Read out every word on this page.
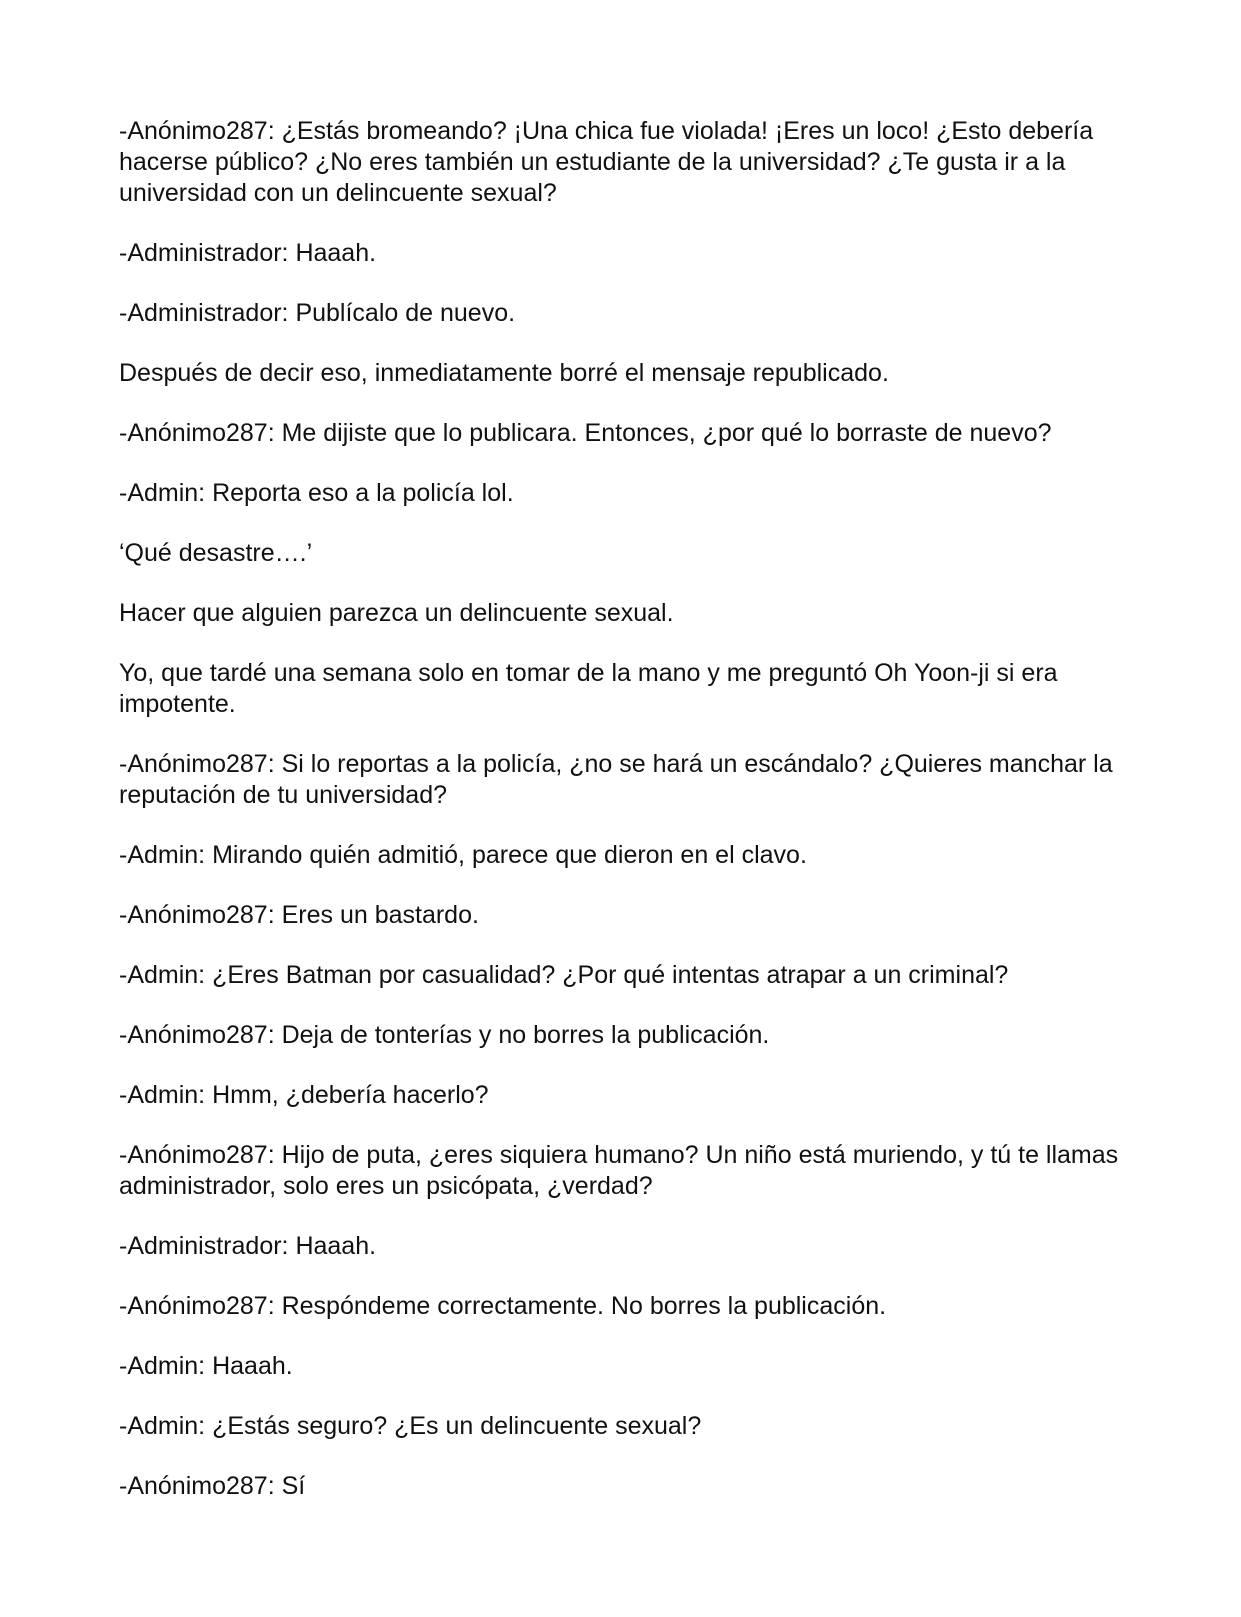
-Anónimo287: ¿Estás bromeando? ¡Una chica fue violada! ¡Eres un loco! ¿Esto debería hacerse público? ¿No eres también un estudiante de la universidad? ¿Te gusta ir a la universidad con un delincuente sexual?

-Administrador: Haaah.

-Administrador: Publícalo de nuevo.

Después de decir eso, inmediatamente borré el mensaje republicado.

-Anónimo287: Me dijiste que lo publicara. Entonces, ¿por qué lo borraste de nuevo?

-Admin: Reporta eso a la policía lol.

‘Qué desastre….’

Hacer que alguien parezca un delincuente sexual.

Yo, que tardé una semana solo en tomar de la mano y me preguntó Oh Yoon-ji si era impotente.

-Anónimo287: Si lo reportas a la policía, ¿no se hará un escándalo? ¿Quieres manchar la reputación de tu universidad?

-Admin: Mirando quién admitió, parece que dieron en el clavo.

-Anónimo287: Eres un bastardo.

-Admin: ¿Eres Batman por casualidad? ¿Por qué intentas atrapar a un criminal?

-Anónimo287: Deja de tonterías y no borres la publicación.

-Admin: Hmm, ¿debería hacerlo?

-Anónimo287: Hijo de puta, ¿eres siquiera humano? Un niño está muriendo, y tú te llamas administrador, solo eres un psicópata, ¿verdad?

-Administrador: Haaah.

-Anónimo287: Respóndeme correctamente. No borres la publicación.

-Admin: Haaah.

-Admin: ¿Estás seguro? ¿Es un delincuente sexual?

-Anónimo287: Sí
